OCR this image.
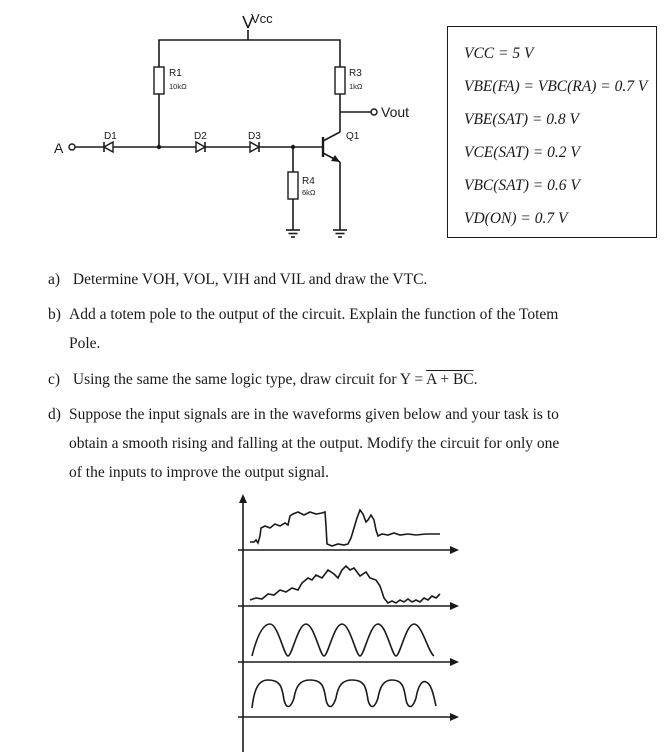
Vcc
R1
10kΩ
R3
1kΩ
Vout
A
D1	D2	D3
R4
6kΩ
Q1
VCC = 5 V
VBE(FA) = VBC(RA) = 0.7 V
VBE(SAT) = 0.8 V
VCE(SAT) = 0.2 V
VBC(SAT) = 0.6 V
VD(ON) = 0.7 V
a) Determine VOH, VOL, VIH and VIL and draw the VTC.
b) Add a totem pole to the output of the circuit. Explain the function of the Totem
Pole.
c) Using the same the same logic type, draw circuit for Y = A + BC.
d) Suppose the input signals are in the waveforms given below and your task is to
obtain a smooth rising and falling at the output. Modify the circuit for only one
of the inputs to improve the output signal.
